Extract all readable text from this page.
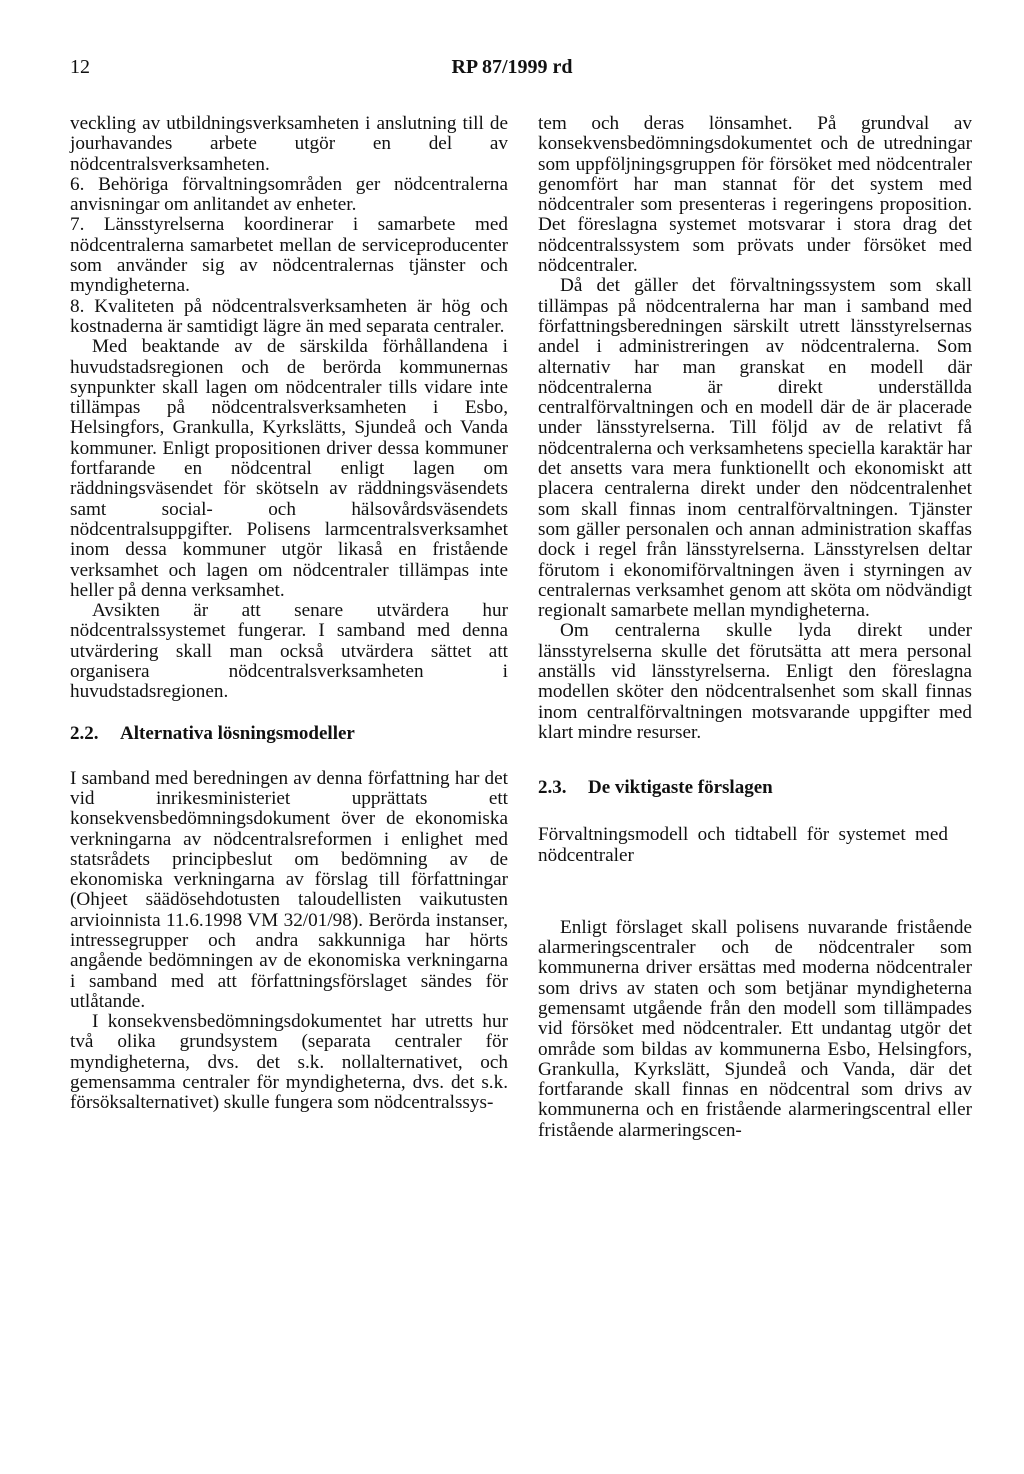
12	RP 87/1999 rd

veckling av utbildningsverksamheten i anslutning till de jourhavandes arbete utgör en del av nödcentralsverksamheten.

6. Behöriga förvaltningsområden ger nödcentralerna anvisningar om anlitandet av enheter.

7. Länsstyrelserna koordinerar i samarbete med nödcentralerna samarbetet mellan de serviceproducenter som använder sig av nödcentralernas tjänster och myndigheterna.

8. Kvaliteten på nödcentralsverksamheten är hög och kostnaderna är samtidigt lägre än med separata centraler.

Med beaktande av de särskilda förhållandena i huvudstadsregionen och de berörda kommunernas synpunkter skall lagen om nödcentraler tills vidare inte tillämpas på nödcentralsverksamheten i Esbo, Helsingfors, Grankulla, Kyrkslätts, Sjundeå och Vanda kommuner. Enligt propositionen driver dessa kommuner fortfarande en nödcentral enligt lagen om räddningsväsendet för skötseln av räddningsväsendets samt social- och hälsovårdsväsendets nödcentralsuppgifter. Polisens larmcentralsverksamhet inom dessa kommuner utgör likaså en fristående verksamhet och lagen om nödcentraler tillämpas inte heller på denna verksamhet.

Avsikten är att senare utvärdera hur nödcentralssystemet fungerar. I samband med denna utvärdering skall man också utvärdera sättet att organisera nödcentralsverksamheten i huvudstadsregionen.

2.2. Alternativa lösningsmodeller

I samband med beredningen av denna författning har det vid inrikesministeriet upprättats ett konsekvensbedömningsdokument över de ekonomiska verkningarna av nödcentralsreformen i enlighet med statsrådets principbeslut om bedömning av de ekonomiska verkningarna av förslag till författningar (Ohjeet säädösehdotusten taloudellisten vaikutusten arvioinnista 11.6.1998 VM 32/01/98). Berörda instanser, intressegrupper och andra sakkunniga har hörts angående bedömningen av de ekonomiska verkningarna i samband med att författningsförslaget sändes för utlåtande.

I konsekvensbedömningsdokumentet har utretts hur två olika grundsystem (separata centraler för myndigheterna, dvs. det s.k. nollalternativet, och gemensamma centraler för myndigheterna, dvs. det s.k. försöksalternativet) skulle fungera som nödcentralssys-

tem och deras lönsamhet. På grundval av konsekvensbedömningsdokumentet och de utredningar som uppföljningsgruppen för försöket med nödcentraler genomfört har man stannat för det system med nödcentraler som presenteras i regeringens proposition. Det föreslagna systemet motsvarar i stora drag det nödcentralssystem som prövats under försöket med nödcentraler.

Då det gäller det förvaltningssystem som skall tillämpas på nödcentralerna har man i samband med författningsberedningen särskilt utrett länsstyrelsernas andel i administreringen av nödcentralerna. Som alternativ har man granskat en modell där nödcentralerna är direkt underställda centralförvaltningen och en modell där de är placerade under länsstyrelserna. Till följd av de relativt få nödcentralerna och verksamhetens speciella karaktär har det ansetts vara mera funktionellt och ekonomiskt att placera centralerna direkt under den nödcentralenhet som skall finnas inom centralförvaltningen. Tjänster som gäller personalen och annan administration skaffas dock i regel från länsstyrelserna. Länsstyrelsen deltar förutom i ekonomiförvaltningen även i styrningen av centralernas verksamhet genom att sköta om nödvändigt regionalt samarbete mellan myndigheterna.

Om centralerna skulle lyda direkt under länsstyrelserna skulle det förutsätta att mera personal anställs vid länsstyrelserna. Enligt den föreslagna modellen sköter den nödcentralsenhet som skall finnas inom centralförvaltningen motsvarande uppgifter med klart mindre resurser.

2.3. De viktigaste förslagen

Förvaltningsmodell och tidtabell för systemet med nödcentraler

Enligt förslaget skall polisens nuvarande fristående alarmeringscentraler och de nödcentraler som kommunerna driver ersättas med moderna nödcentraler som drivs av staten och som betjänar myndigheterna gemensamt utgående från den modell som tillämpades vid försöket med nödcentraler. Ett undantag utgör det område som bildas av kommunerna Esbo, Helsingfors, Grankulla, Kyrkslätt, Sjundeå och Vanda, där det fortfarande skall finnas en nödcentral som drivs av kommunerna och en fristående alarmeringscentral eller fristående alarmeringscen-
